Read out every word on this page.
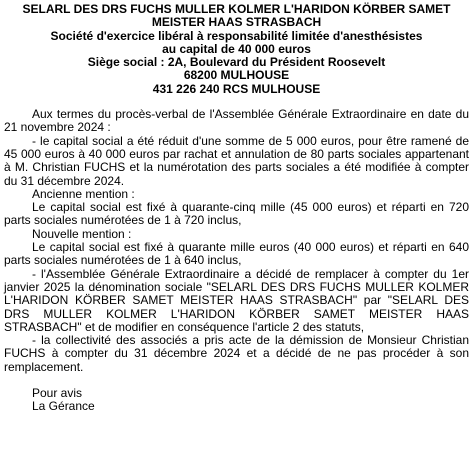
SELARL DES DRS FUCHS MULLER KOLMER L'HARIDON KÖRBER SAMET
MEISTER HAAS STRASBACH
Société d'exercice libéral à responsabilité limitée d'anesthésistes
au capital de 40 000 euros
Siège social : 2A, Boulevard du Président Roosevelt
68200 MULHOUSE
431 226 240 RCS MULHOUSE

Aux termes du procès-verbal de l'Assemblée Générale Extraordinaire en date du 21 novembre 2024 :

- le capital social a été réduit d'une somme de 5 000 euros, pour être ramené de 45 000 euros à 40 000 euros par rachat et annulation de 80 parts sociales appartenant à M. Christian FUCHS et la numérotation des parts sociales a été modifiée à compter du 31 décembre 2024.

Ancienne mention :

Le capital social est fixé à quarante-cinq mille (45 000 euros) et réparti en 720 parts sociales numérotées de 1 à 720 inclus,

Nouvelle mention :

Le capital social est fixé à quarante mille euros (40 000 euros) et réparti en 640 parts sociales numérotées de 1 à 640 inclus,

- l'Assemblée Générale Extraordinaire a décidé de remplacer à compter du 1er janvier 2025 la dénomination sociale "SELARL DES DRS FUCHS MULLER KOLMER L'HARIDON KÖRBER SAMET MEISTER HAAS STRASBACH" par "SELARL DES DRS MULLER KOLMER L'HARIDON KÖRBER SAMET MEISTER HAAS STRASBACH" et de modifier en conséquence l'article 2 des statuts,

- la collectivité des associés a pris acte de la démission de Monsieur Christian FUCHS à compter du 31 décembre 2024 et a décidé de ne pas procéder à son remplacement.

Pour avis
La Gérance
